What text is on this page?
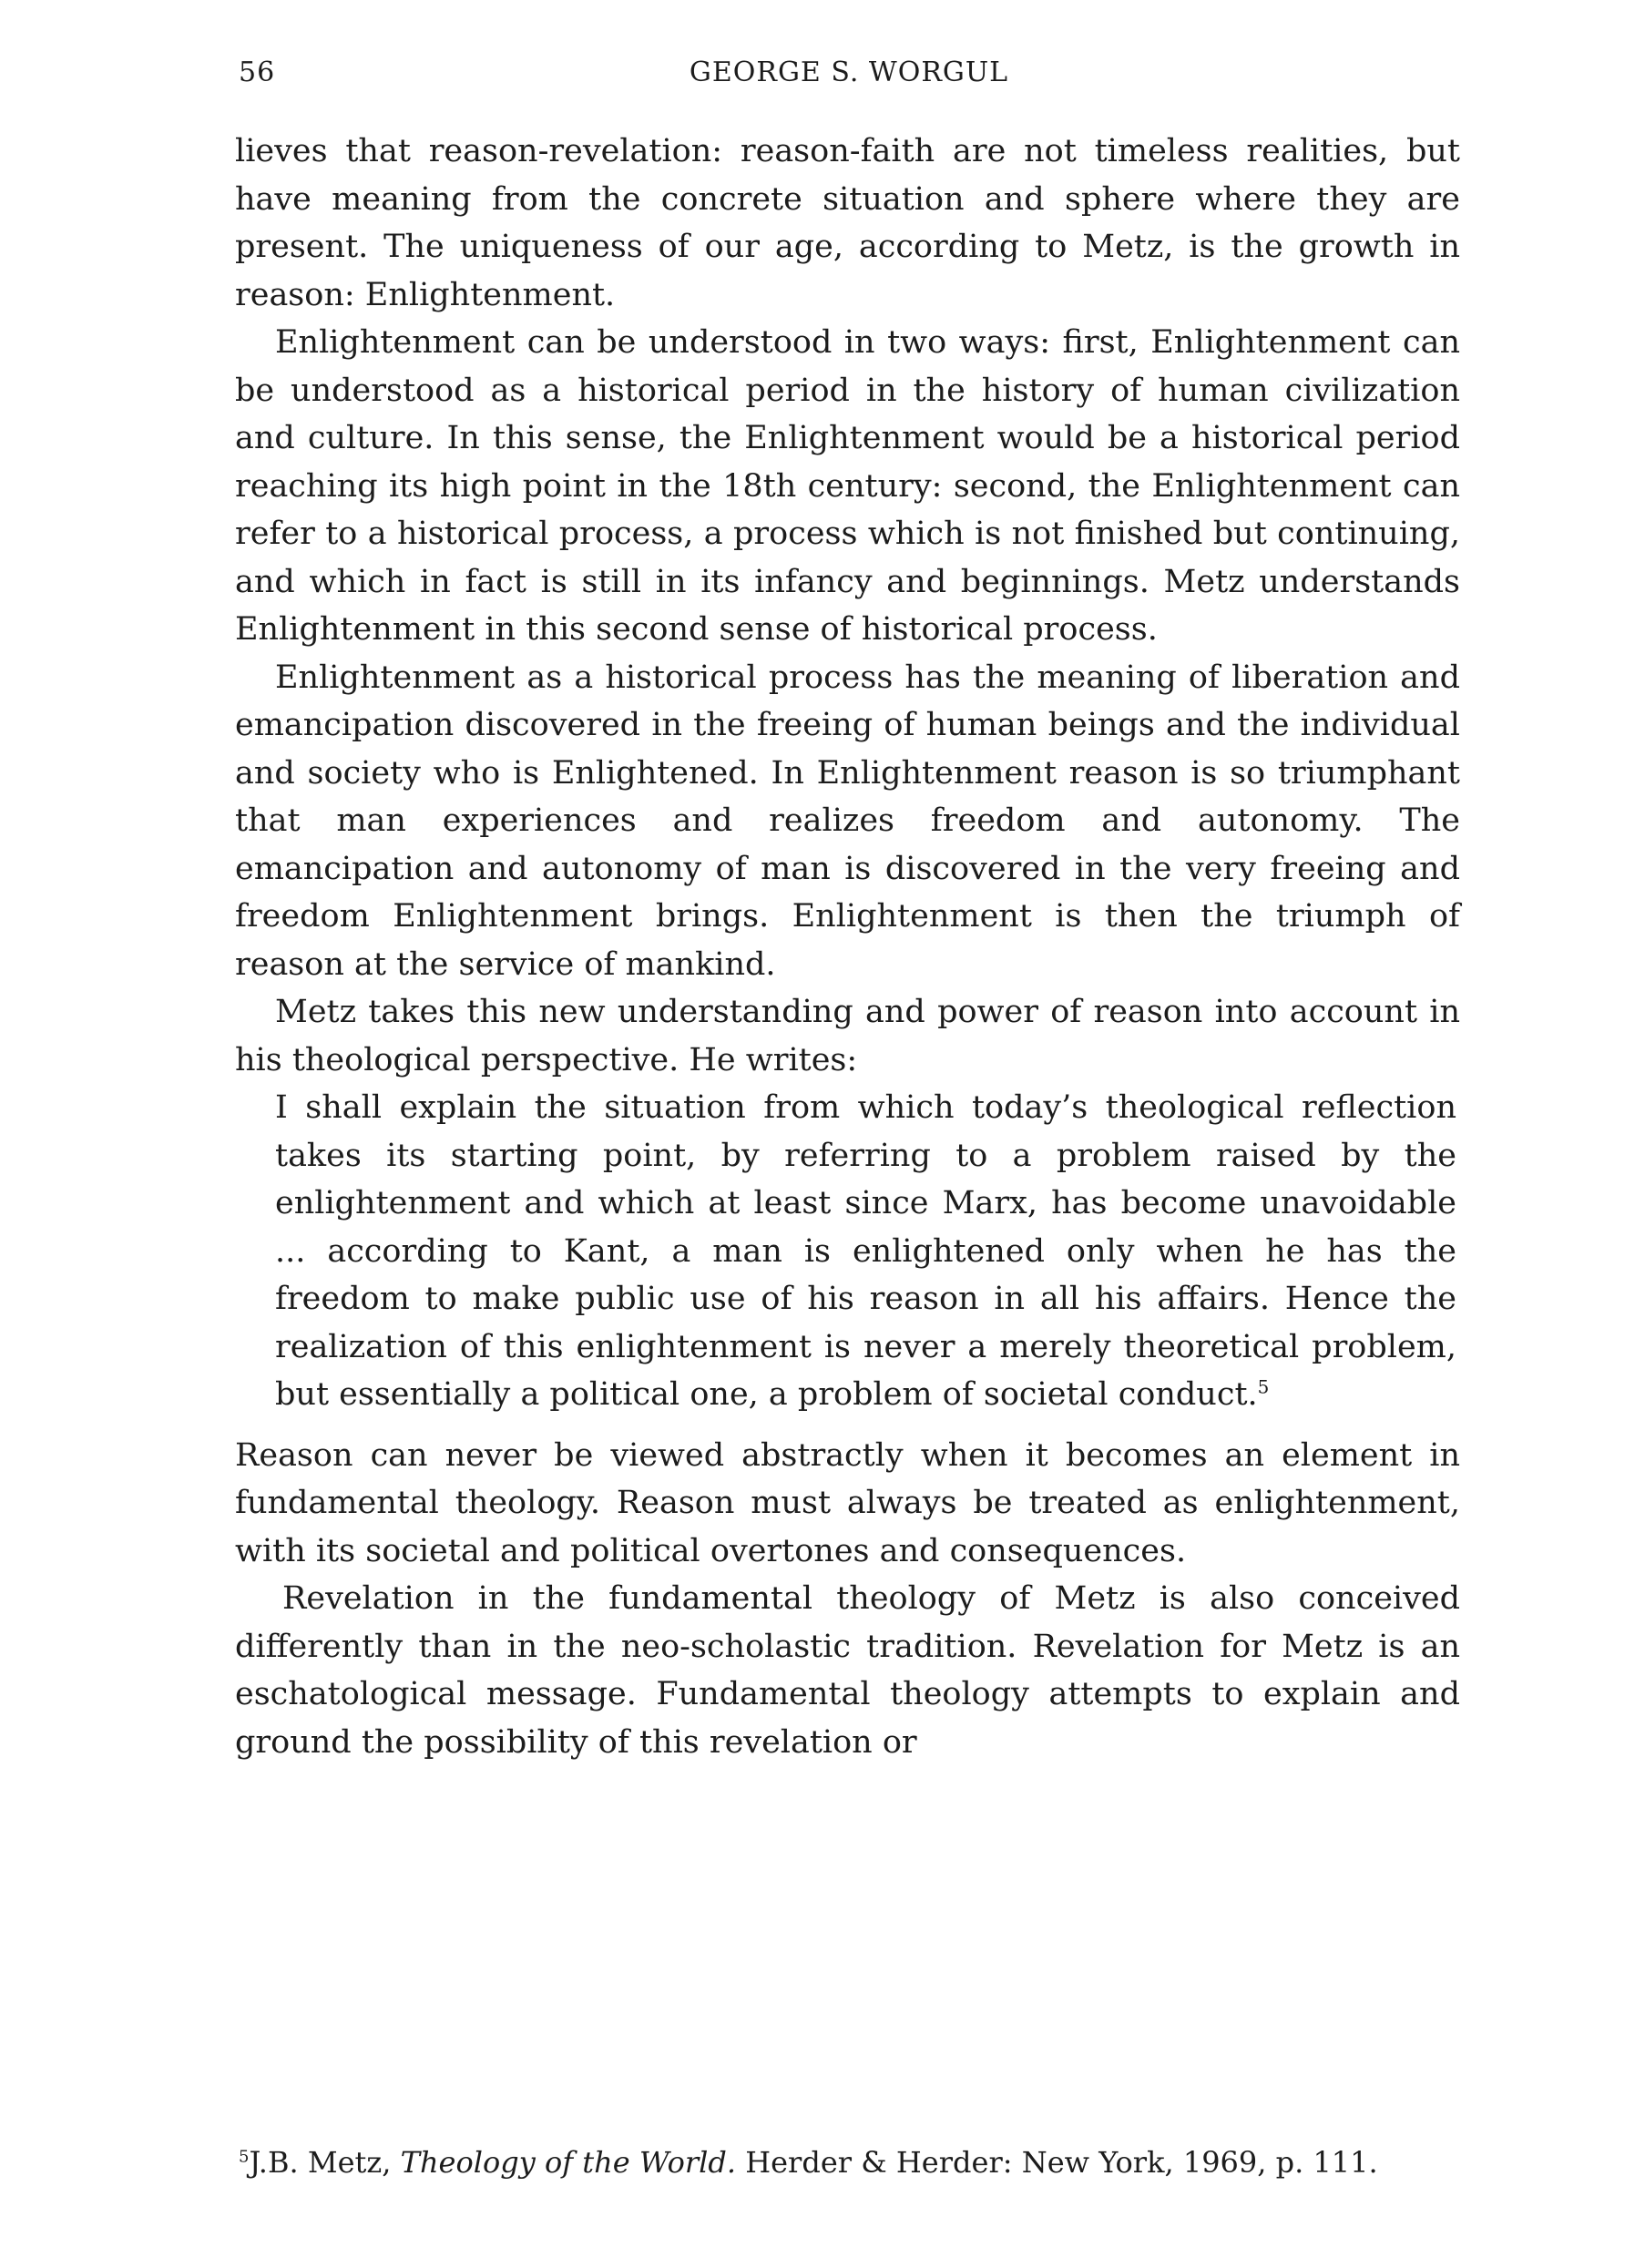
56	GEORGE S. WORGUL

lieves that reason-revelation: reason-faith are not timeless realities, but have meaning from the concrete situation and sphere where they are present. The uniqueness of our age, according to Metz, is the growth in reason: Enlightenment.

Enlightenment can be understood in two ways: first, Enlightenment can be understood as a historical period in the history of human civilization and culture. In this sense, the Enlightenment would be a historical period reaching its high point in the 18th century: second, the Enlightenment can refer to a historical process, a process which is not finished but continuing, and which in fact is still in its infancy and beginnings. Metz understands Enlightenment in this second sense of historical process.

Enlightenment as a historical process has the meaning of liberation and emancipation discovered in the freeing of human beings and the individual and society who is Enlightened. In Enlightenment reason is so triumphant that man experiences and realizes freedom and autonomy. The emancipation and autonomy of man is discovered in the very freeing and freedom Enlightenment brings. Enlightenment is then the triumph of reason at the service of mankind.

Metz takes this new understanding and power of reason into account in his theological perspective. He writes:

I shall explain the situation from which today’s theological reflection takes its starting point, by referring to a problem raised by the enlightenment and which at least since Marx, has become unavoidable ... according to Kant, a man is enlightened only when he has the freedom to make public use of his reason in all his affairs. Hence the realization of this enlightenment is never a merely theoretical problem, but essentially a political one, a problem of societal conduct.$^5$

Reason can never be viewed abstractly when it becomes an element in fundamental theology. Reason must always be treated as enlightenment, with its societal and political overtones and consequences.

Revelation in the fundamental theology of Metz is also conceived differently than in the neo-scholastic tradition. Revelation for Metz is an eschatological message. Fundamental theology attempts to explain and ground the possibility of this revelation or

$^5$J.B. Metz, Theology of the World. Herder & Herder: New York, 1969, p. 111.
